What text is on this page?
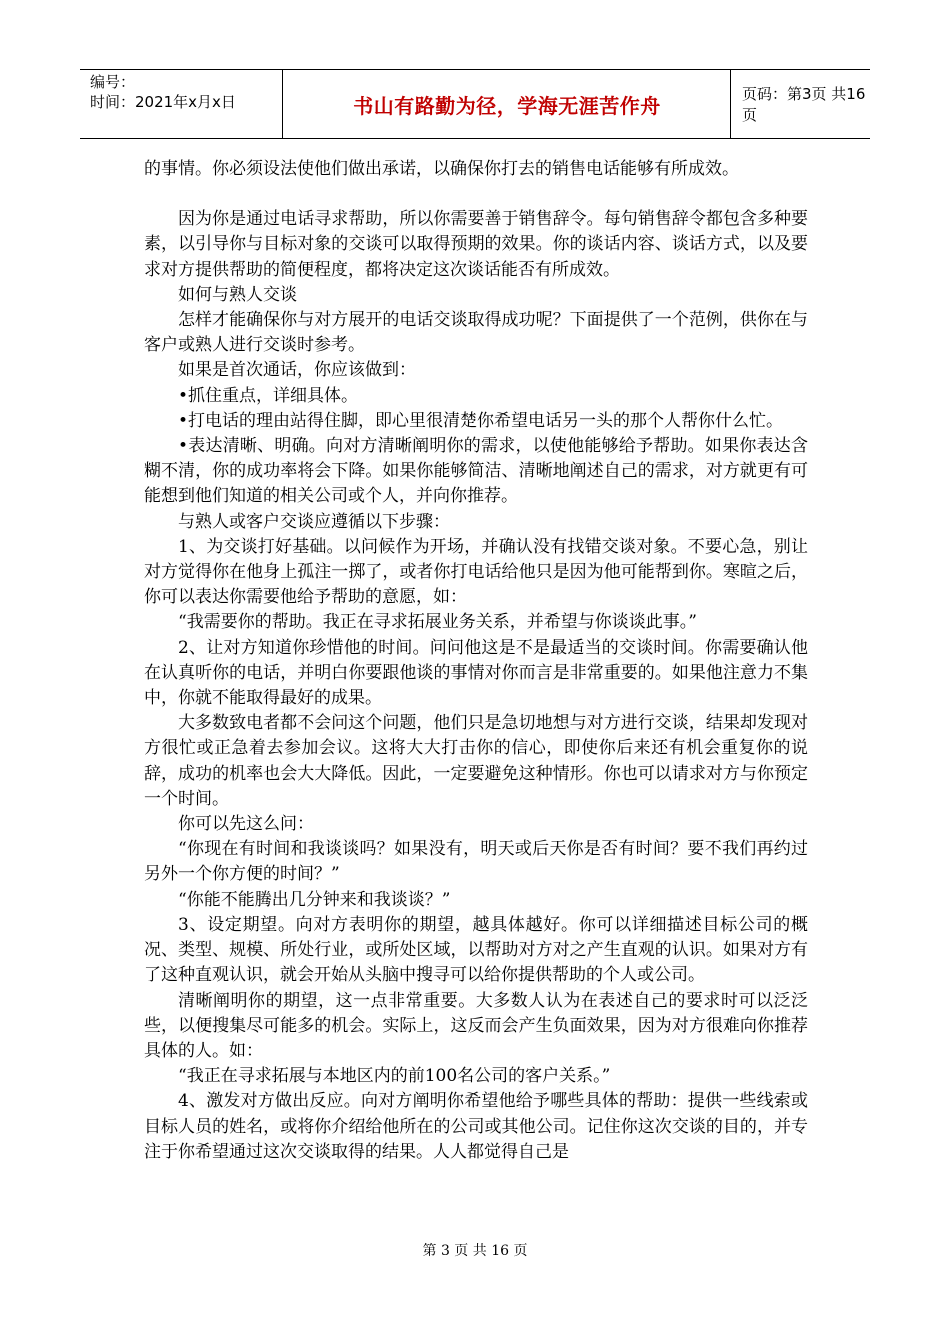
编号：
时间：2021年x月x日	书山有路勤为径，学海无涯苦作舟	页码：第3页 共16页

的事情。你必须设法使他们做出承诺，以确保你打去的销售电话能够有所成效。

因为你是通过电话寻求帮助，所以你需要善于销售辞令。每句销售辞令都包含多种要素，以引导你与目标对象的交谈可以取得预期的效果。你的谈话内容、谈话方式，以及要求对方提供帮助的简便程度，都将决定这次谈话能否有所成效。

如何与熟人交谈

怎样才能确保你与对方展开的电话交谈取得成功呢？下面提供了一个范例，供你在与客户或熟人进行交谈时参考。

如果是首次通话，你应该做到：

•抓住重点，详细具体。

•打电话的理由站得住脚，即心里很清楚你希望电话另一头的那个人帮你什么忙。

•表达清晰、明确。向对方清晰阐明你的需求，以使他能够给予帮助。如果你表达含糊不清，你的成功率将会下降。如果你能够简洁、清晰地阐述自己的需求，对方就更有可能想到他们知道的相关公司或个人，并向你推荐。

与熟人或客户交谈应遵循以下步骤：

1、为交谈打好基础。以问候作为开场，并确认没有找错交谈对象。不要心急，别让对方觉得你在他身上孤注一掷了，或者你打电话给他只是因为他可能帮到你。寒暄之后，你可以表达你需要他给予帮助的意愿，如：

“我需要你的帮助。我正在寻求拓展业务关系，并希望与你谈谈此事。”

2、让对方知道你珍惜他的时间。问问他这是不是最适当的交谈时间。你需要确认他在认真听你的电话，并明白你要跟他谈的事情对你而言是非常重要的。如果他注意力不集中，你就不能取得最好的成果。

大多数致电者都不会问这个问题，他们只是急切地想与对方进行交谈，结果却发现对方很忙或正急着去参加会议。这将大大打击你的信心，即使你后来还有机会重复你的说辞，成功的机率也会大大降低。因此，一定要避免这种情形。你也可以请求对方与你预定一个时间。

你可以先这么问：

“你现在有时间和我谈谈吗？如果没有，明天或后天你是否有时间？要不我们再约过另外一个你方便的时间？”

“你能不能腾出几分钟来和我谈谈？”

3、设定期望。向对方表明你的期望，越具体越好。你可以详细描述目标公司的概况、类型、规模、所处行业，或所处区域，以帮助对方对之产生直观的认识。如果对方有了这种直观认识，就会开始从头脑中搜寻可以给你提供帮助的个人或公司。

清晰阐明你的期望，这一点非常重要。大多数人认为在表述自己的要求时可以泛泛些，以便搜集尽可能多的机会。实际上，这反而会产生负面效果，因为对方很难向你推荐具体的人。如：

“我正在寻求拓展与本地区内的前100名公司的客户关系。”

4、激发对方做出反应。向对方阐明你希望他给予哪些具体的帮助：提供一些线索或目标人员的姓名，或将你介绍给他所在的公司或其他公司。记住你这次交谈的目的，并专注于你希望通过这次交谈取得的结果。人人都觉得自己是

第 3 页 共 16 页
